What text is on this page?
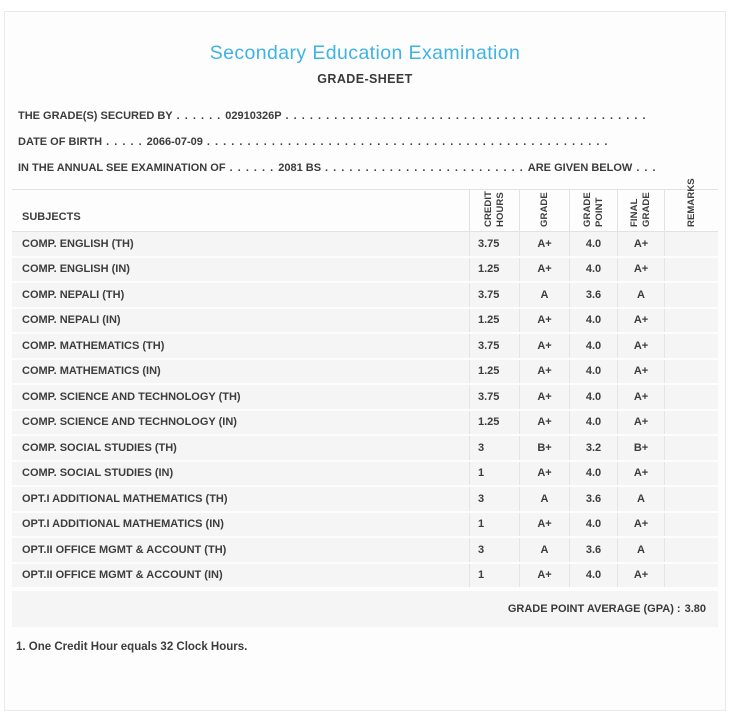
Secondary Education Examination
GRADE-SHEET
THE GRADE(S) SECURED BY . . . . . . 02910326P . . . . . . . . . . . . . . . . . . . . . . . . . . . . . . . . . . . . . . . . . . . . .
DATE OF BIRTH . . . . . 2066-07-09 . . . . . . . . . . . . . . . . . . . . . . . . . . . . . . . . . . . . . . . . . . . . . . . . . .
IN THE ANNUAL SEE EXAMINATION OF . . . . . . 2081 BS . . . . . . . . . . . . . . . . . . . . . . . . . ARE GIVEN BELOW . . .
SUBJECTS	CREDIT HOURS	GRADE	GRADE POINT	FINAL GRADE	REMARKS
COMP. ENGLISH (TH)	3.75	A+	4.0	A+
COMP. ENGLISH (IN)	1.25	A+	4.0	A+
COMP. NEPALI (TH)	3.75	A	3.6	A
COMP. NEPALI (IN)	1.25	A+	4.0	A+
COMP. MATHEMATICS (TH)	3.75	A+	4.0	A+
COMP. MATHEMATICS (IN)	1.25	A+	4.0	A+
COMP. SCIENCE AND TECHNOLOGY (TH)	3.75	A+	4.0	A+
COMP. SCIENCE AND TECHNOLOGY (IN)	1.25	A+	4.0	A+
COMP. SOCIAL STUDIES (TH)	3	B+	3.2	B+
COMP. SOCIAL STUDIES (IN)	1	A+	4.0	A+
OPT.I ADDITIONAL MATHEMATICS (TH)	3	A	3.6	A
OPT.I ADDITIONAL MATHEMATICS (IN)	1	A+	4.0	A+
OPT.II OFFICE MGMT & ACCOUNT (TH)	3	A	3.6	A
OPT.II OFFICE MGMT & ACCOUNT (IN)	1	A+	4.0	A+
GRADE POINT AVERAGE (GPA) : 3.80
1. One Credit Hour equals 32 Clock Hours.
